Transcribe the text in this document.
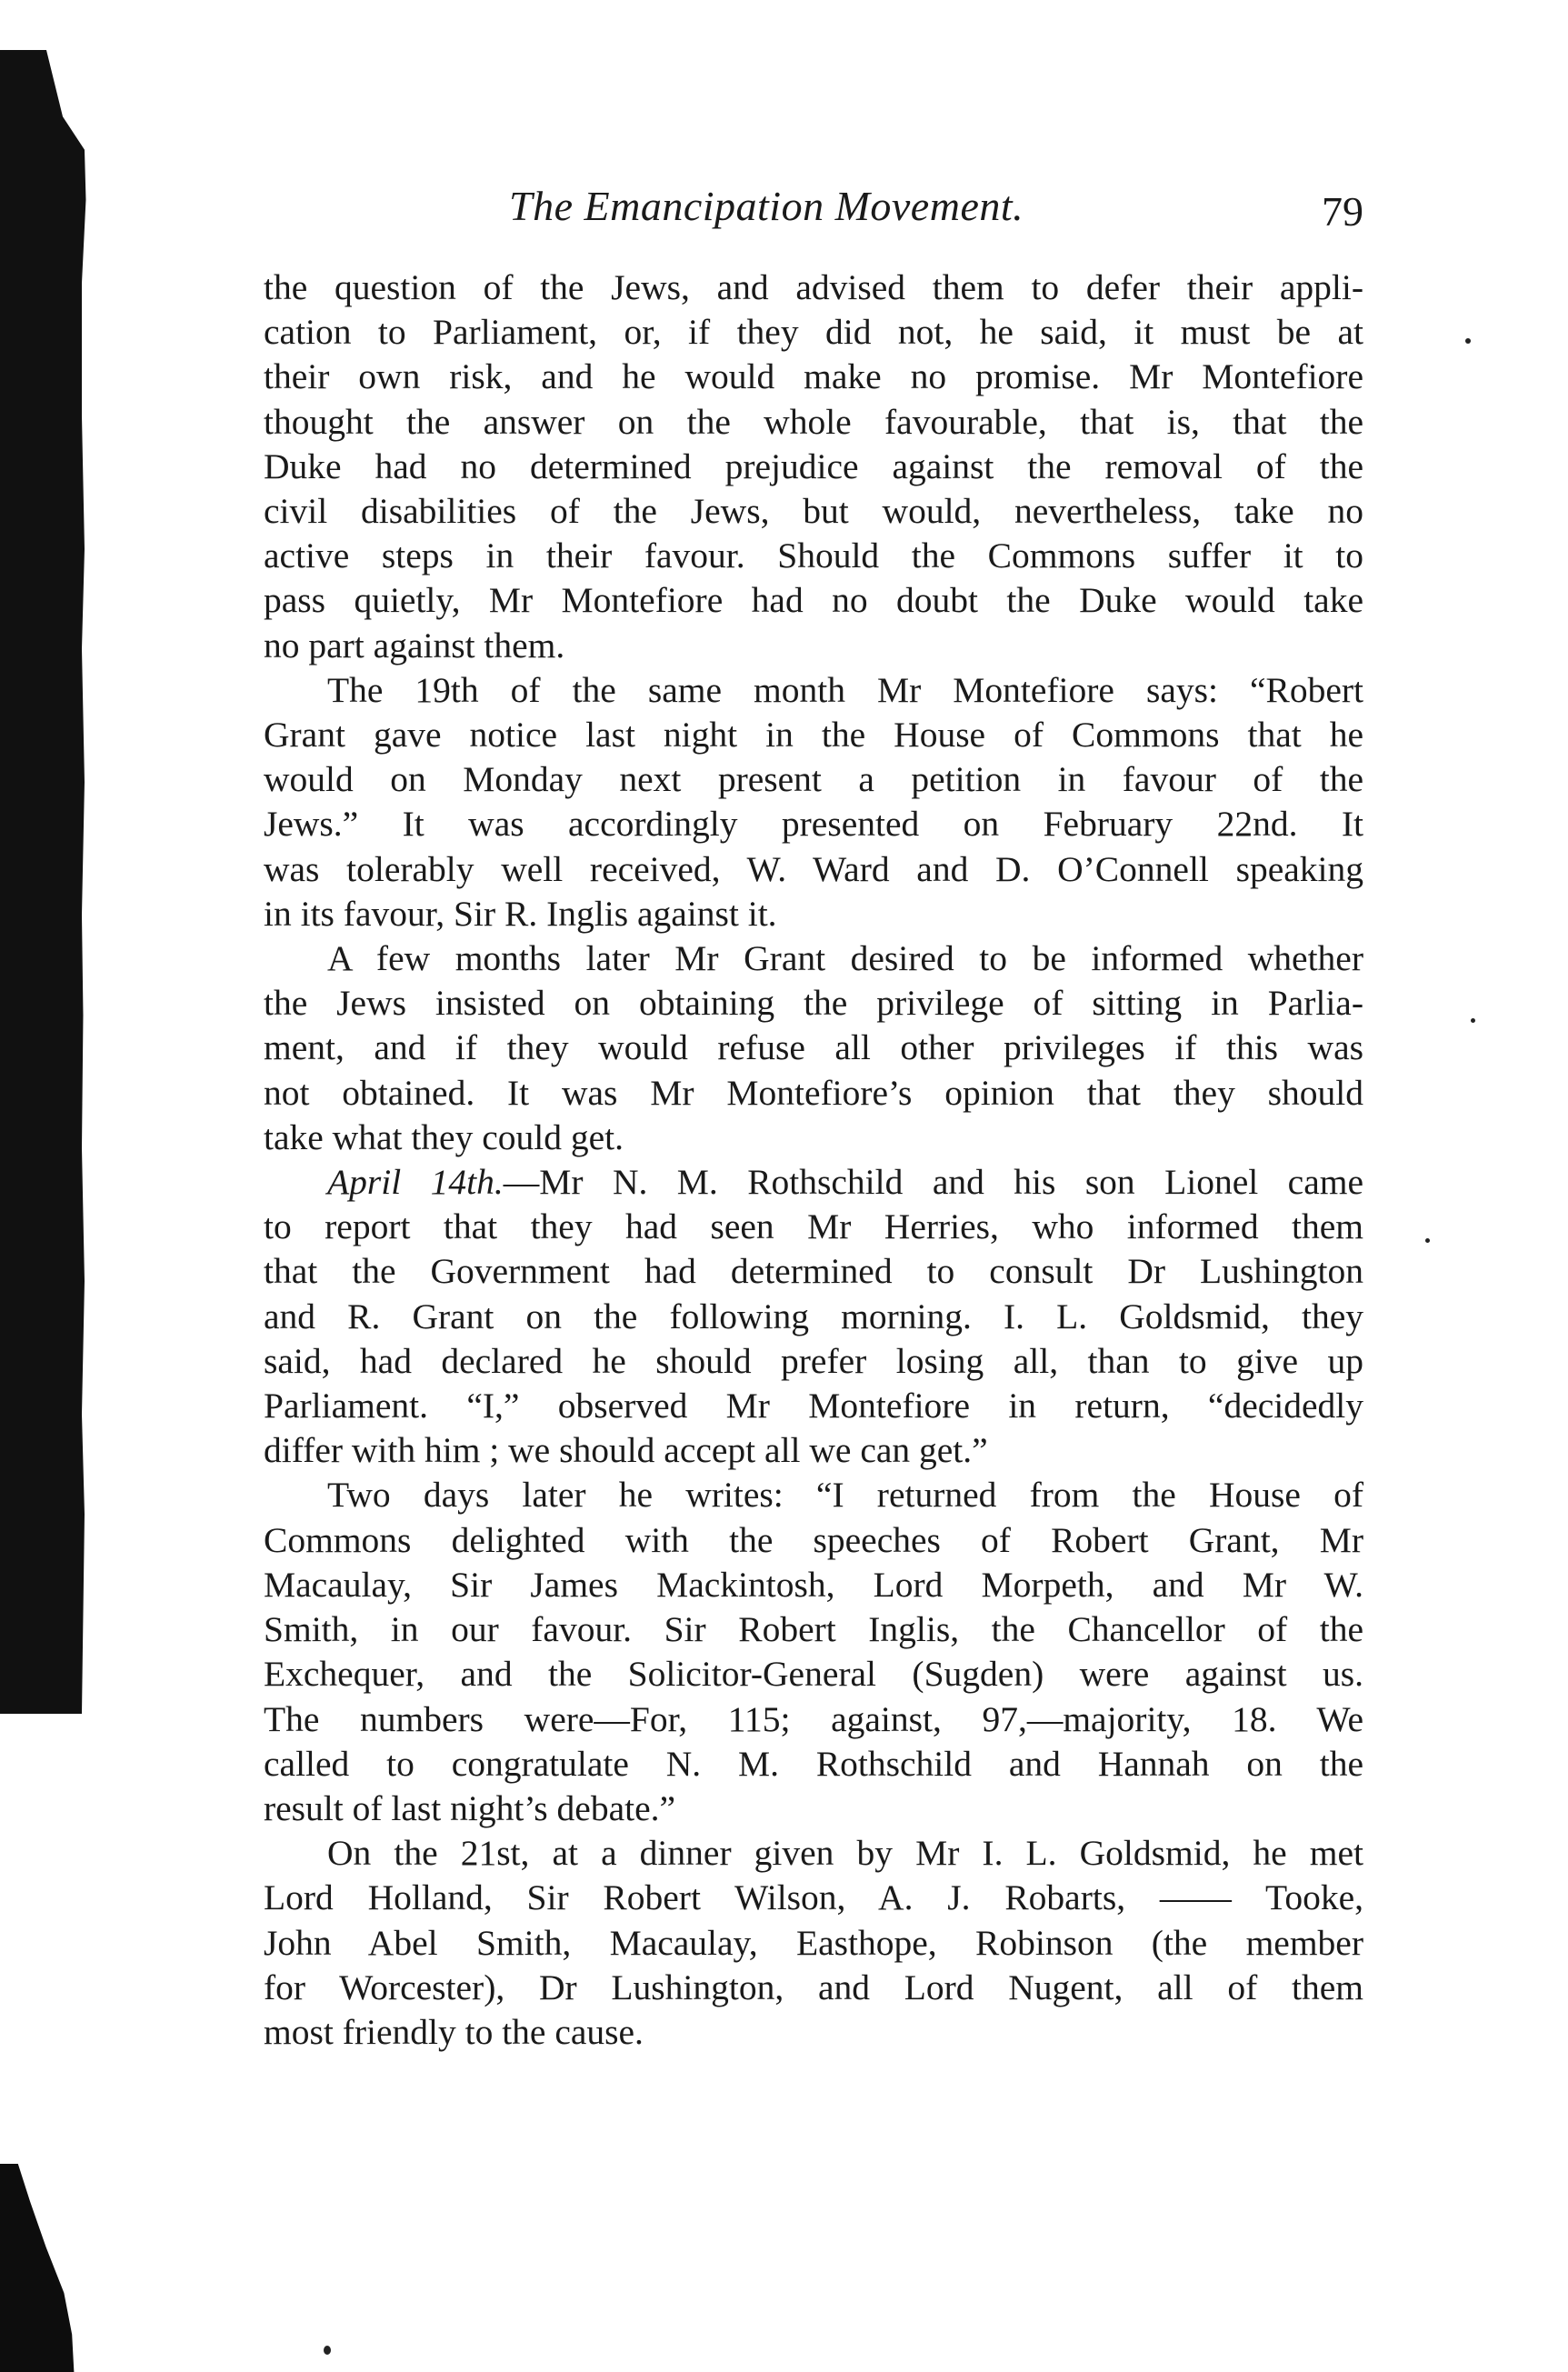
The Emancipation Movement.	79

the question of the Jews, and advised them to defer their appli-

cation to Parliament, or, if they did not, he said, it must be at

their own risk, and he would make no promise. Mr Montefiore

thought the answer on the whole favourable, that is, that the

Duke had no determined prejudice against the removal of the

civil disabilities of the Jews, but would, nevertheless, take no

active steps in their favour. Should the Commons suffer it to

pass quietly, Mr Montefiore had no doubt the Duke would take

no part against them.

The 19th of the same month Mr Montefiore says: “Robert

Grant gave notice last night in the House of Commons that he

would on Monday next present a petition in favour of the

Jews.” It was accordingly presented on February 22nd. It

was tolerably well received, W. Ward and D. O’Connell speaking

in its favour, Sir R. Inglis against it.

A few months later Mr Grant desired to be informed whether

the Jews insisted on obtaining the privilege of sitting in Parlia-

ment, and if they would refuse all other privileges if this was

not obtained. It was Mr Montefiore’s opinion that they should

take what they could get.

April 14th.—Mr N. M. Rothschild and his son Lionel came

to report that they had seen Mr Herries, who informed them

that the Government had determined to consult Dr Lushington

and R. Grant on the following morning. I. L. Goldsmid, they

said, had declared he should prefer losing all, than to give up

Parliament. “I,” observed Mr Montefiore in return, “decidedly

differ with him ; we should accept all we can get.”

Two days later he writes: “I returned from the House of

Commons delighted with the speeches of Robert Grant, Mr

Macaulay, Sir James Mackintosh, Lord Morpeth, and Mr W.

Smith, in our favour. Sir Robert Inglis, the Chancellor of the

Exchequer, and the Solicitor-General (Sugden) were against us.

The numbers were—For, 115; against, 97,—majority, 18. We

called to congratulate N. M. Rothschild and Hannah on the

result of last night’s debate.”

On the 21st, at a dinner given by Mr I. L. Goldsmid, he met

Lord Holland, Sir Robert Wilson, A. J. Robarts, —— Tooke,

John Abel Smith, Macaulay, Easthope, Robinson (the member

for Worcester), Dr Lushington, and Lord Nugent, all of them

most friendly to the cause.
